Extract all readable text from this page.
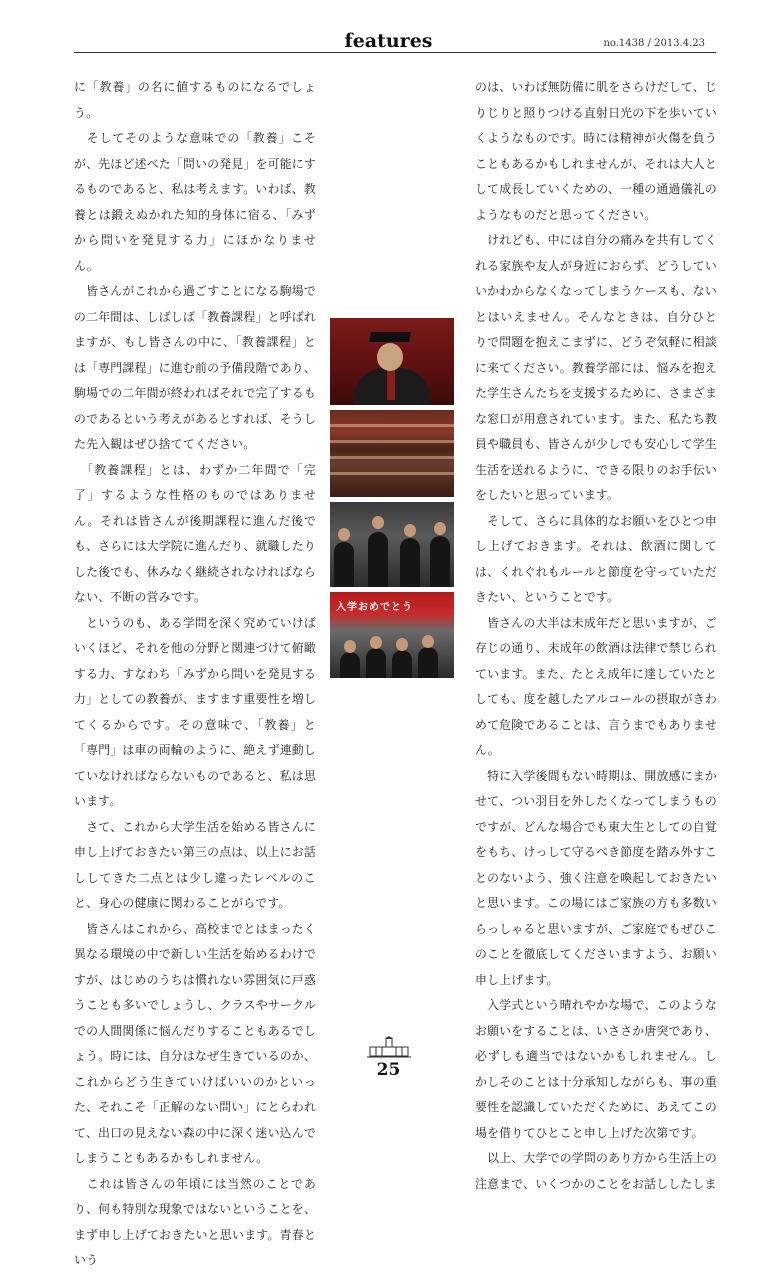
features	no.1438 / 2013.4.23

に「教養」の名に値するものになるでしょう。

　そしてそのような意味での「教養」こそが、先ほど述べた「問いの発見」を可能にするものであると、私は考えます。いわば、教養とは鍛えぬかれた知的身体に宿る、「みずから問いを発見する力」にほかなりません。

　皆さんがこれから過ごすことになる駒場での二年間は、しばしば「教養課程」と呼ばれますが、もし皆さんの中に、「教養課程」とは「専門課程」に進む前の予備段階であり、駒場での二年間が終わればそれで完了するものであるという考えがあるとすれば、そうした先入観はぜひ捨ててください。

　「教養課程」とは、わずか二年間で「完了」するような性格のものではありません。それは皆さんが後期課程に進んだ後でも、さらには大学院に進んだり、就職したりした後でも、休みなく継続されなければならない、不断の営みです。

　というのも、ある学問を深く究めていけばいくほど、それを他の分野と関連づけて俯瞰する力、すなわち「みずから問いを発見する力」としての教養が、ますます重要性を増してくるからです。その意味で、「教養」と「専門」は車の両輪のように、絶えず連動していなければならないものであると、私は思います。

　さて、これから大学生活を始める皆さんに申し上げておきたい第三の点は、以上にお話ししてきた二点とは少し違ったレベルのこと、身心の健康に関わることがらです。

　皆さんはこれから、高校までとはまったく異なる環境の中で新しい生活を始めるわけですが、はじめのうちは慣れない雰囲気に戸惑うことも多いでしょうし、クラスやサークルでの人間関係に悩んだりすることもあるでしょう。時には、自分はなぜ生きているのか、これからどう生きていけばいいのかといった、それこそ「正解のない問い」にとらわれて、出口の見えない森の中に深く迷い込んでしまうこともあるかもしれません。

　これは皆さんの年頃には当然のことであり、何も特別な現象ではないということを、まず申し上げておきたいと思います。青春という

入学おめでとう

のは、いわば無防備に肌をさらけだして、じりじりと照りつける直射日光の下を歩いていくようなものです。時には精神が火傷を負うこともあるかもしれませんが、それは大人として成長していくための、一種の通過儀礼のようなものだと思ってください。

　けれども、中には自分の痛みを共有してくれる家族や友人が身近におらず、どうしていいかわからなくなってしまうケースも、ないとはいえません。そんなときは、自分ひとりで問題を抱えこまずに、どうぞ気軽に相談に来てください。教養学部には、悩みを抱えた学生さんたちを支援するために、さまざまな窓口が用意されています。また、私たち教員や職員も、皆さんが少しでも安心して学生生活を送れるように、できる限りのお手伝いをしたいと思っています。

　そして、さらに具体的なお願いをひとつ申し上げておきます。それは、飲酒に関しては、くれぐれもルールと節度を守っていただきたい、ということです。

　皆さんの大半は未成年だと思いますが、ご存じの通り、未成年の飲酒は法律で禁じられています。また、たとえ成年に達していたとしても、度を越したアルコールの摂取がきわめて危険であることは、言うまでもありません。

　特に入学後間もない時期は、開放感にまかせて、つい羽目を外したくなってしまうものですが、どんな場合でも東大生としての自覚をもち、けっして守るべき節度を踏み外すことのないよう、強く注意を喚起しておきたいと思います。この場にはご家族の方も多数いらっしゃると思いますが、ご家庭でもぜひこのことを徹底してくださいますよう、お願い申し上げます。

　入学式という晴れやかな場で、このようなお願いをすることは、いささか唐突であり、必ずしも適当ではないかもしれません。しかしそのことは十分承知しながらも、事の重要性を認識していただくために、あえてこの場を借りてひとこと申し上げた次第です。

　以上、大学での学問のあり方から生活上の注意まで、いくつかのことをお話ししたしま

25
